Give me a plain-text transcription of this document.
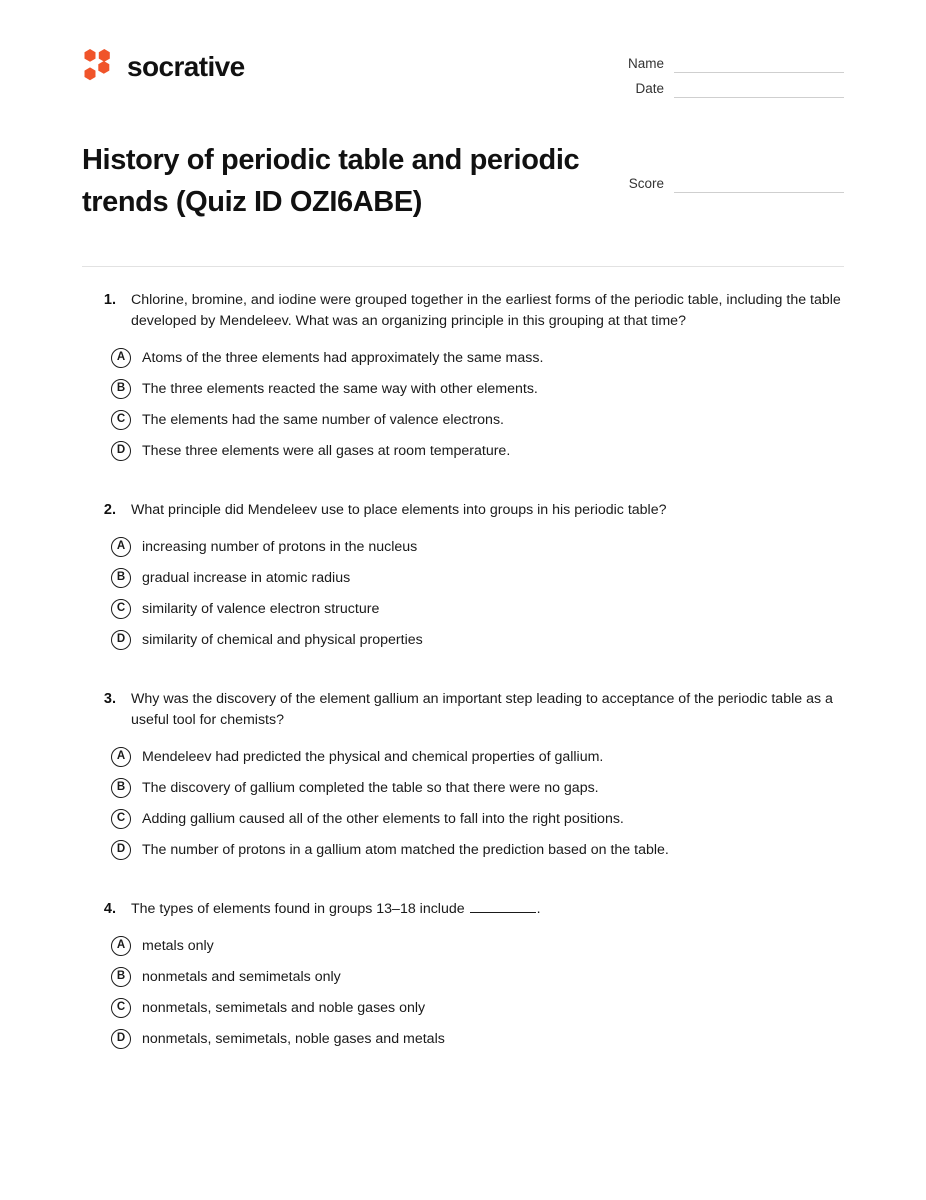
socrative	Name
Date
Score
History of periodic table and periodic trends (Quiz ID OZI6ABE)
1. Chlorine, bromine, and iodine were grouped together in the earliest forms of the periodic table, including the table developed by Mendeleev. What was an organizing principle in this grouping at that time?
A	Atoms of the three elements had approximately the same mass.
B	The three elements reacted the same way with other elements.
C	The elements had the same number of valence electrons.
D	These three elements were all gases at room temperature.
2. What principle did Mendeleev use to place elements into groups in his periodic table?
A	increasing number of protons in the nucleus
B	gradual increase in atomic radius
C	similarity of valence electron structure
D	similarity of chemical and physical properties
3. Why was the discovery of the element gallium an important step leading to acceptance of the periodic table as a useful tool for chemists?
A	Mendeleev had predicted the physical and chemical properties of gallium.
B	The discovery of gallium completed the table so that there were no gaps.
C	Adding gallium caused all of the other elements to fall into the right positions.
D	The number of protons in a gallium atom matched the prediction based on the table.
4. The types of elements found in groups 13–18 include	.
A	metals only
B	nonmetals and semimetals only
C	nonmetals, semimetals and noble gases only
D	nonmetals, semimetals, noble gases and metals
